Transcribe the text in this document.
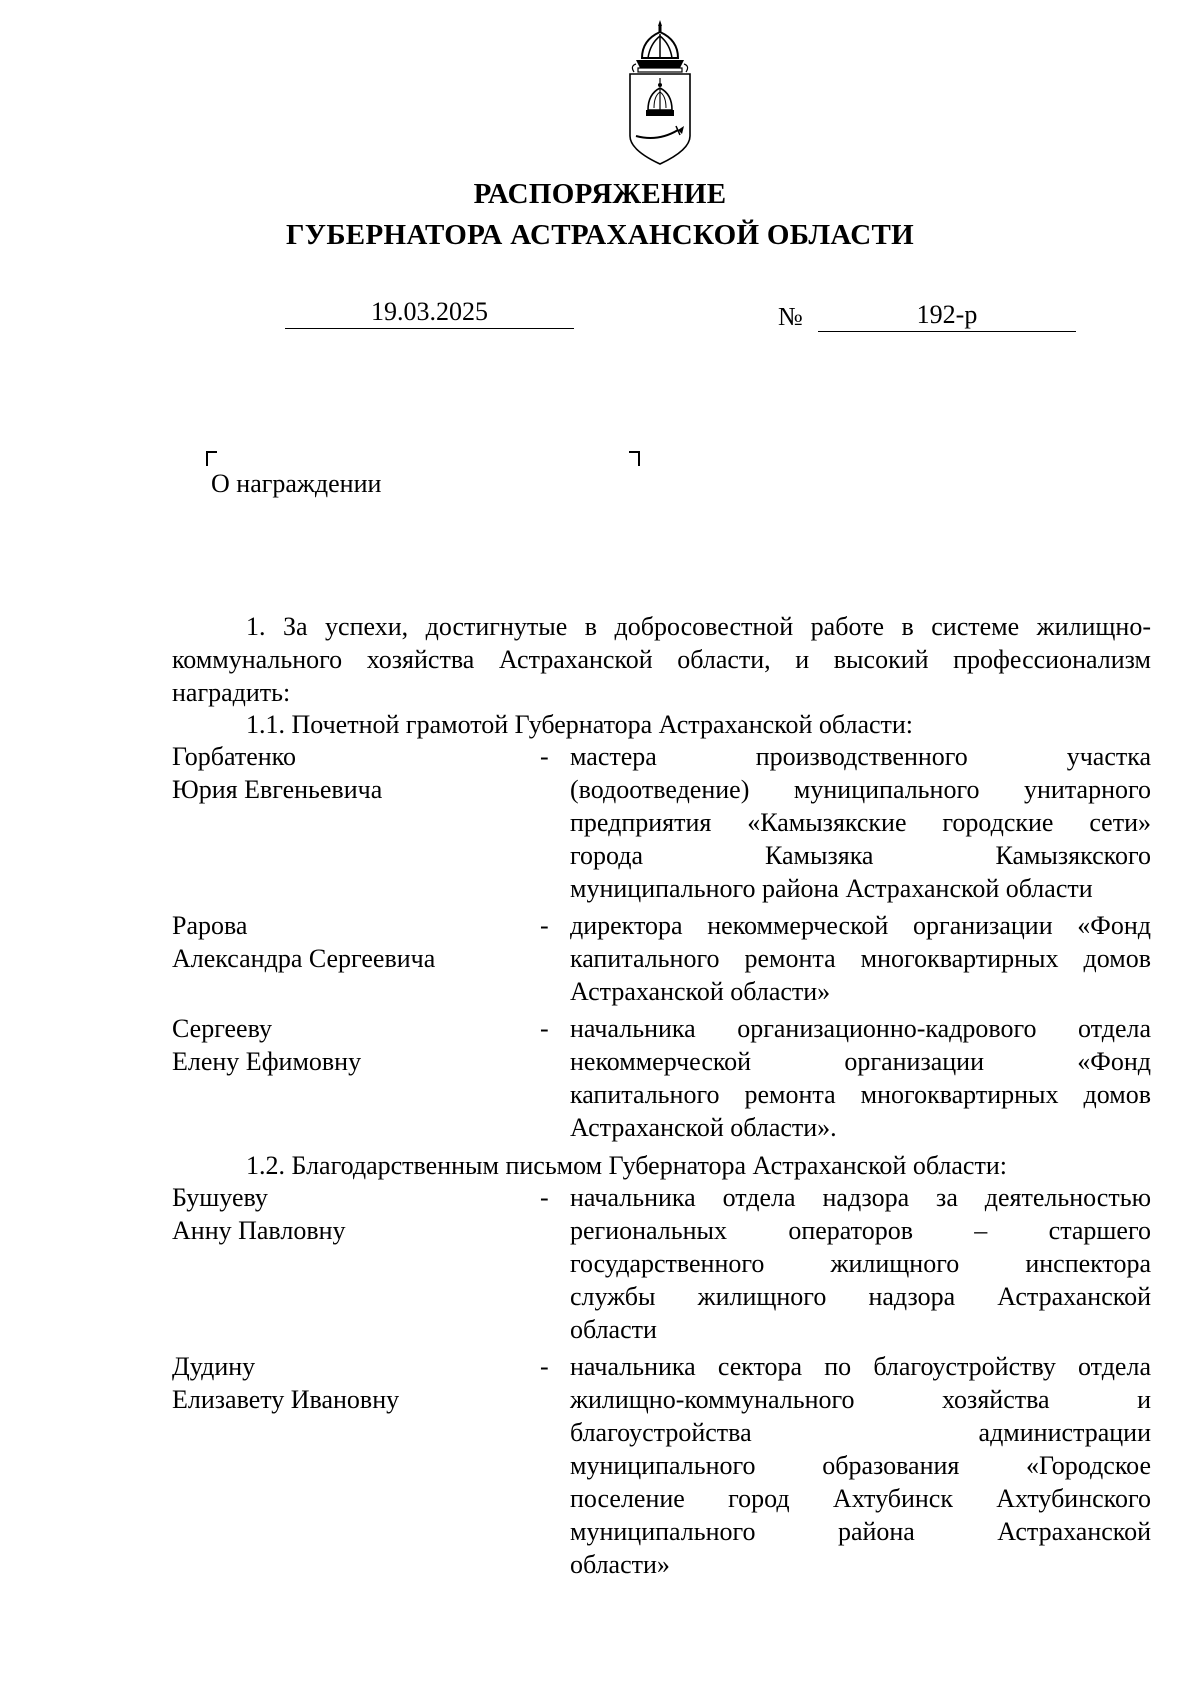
РАСПОРЯЖЕНИЕ
ГУБЕРНАТОРА АСТРАХАНСКОЙ ОБЛАСТИ
19.03.2025	№	192-р
О награждении
1. За успехи, достигнутые в добросовестной работе в системе жилищно-коммунального хозяйства Астраханской области, и высокий профессионализм наградить:
1.1. Почетной грамотой Губернатора Астраханской области:
Горбатенко
Юрия Евгеньевича
- мастера производственного участка
(водоотведение) муниципального унитарного
предприятия «Камызякские городские сети»
города Камызяка Камызякского
муниципального района Астраханской области
Рарова
Александра Сергеевича
- директора некоммерческой организации «Фонд
капитального ремонта многоквартирных домов
Астраханской области»
Сергееву
Елену Ефимовну
- начальника организационно-кадрового отдела
некоммерческой организации «Фонд
капитального ремонта многоквартирных домов
Астраханской области».
1.2. Благодарственным письмом Губернатора Астраханской области:
Бушуеву
Анну Павловну
- начальника отдела надзора за деятельностью
региональных операторов – старшего
государственного жилищного инспектора
службы жилищного надзора Астраханской
области
Дудину
Елизавету Ивановну
- начальника сектора по благоустройству отдела
жилищно-коммунального хозяйства и
благоустройства администрации
муниципального образования «Городское
поселение город Ахтубинск Ахтубинского
муниципального района Астраханской
области»
